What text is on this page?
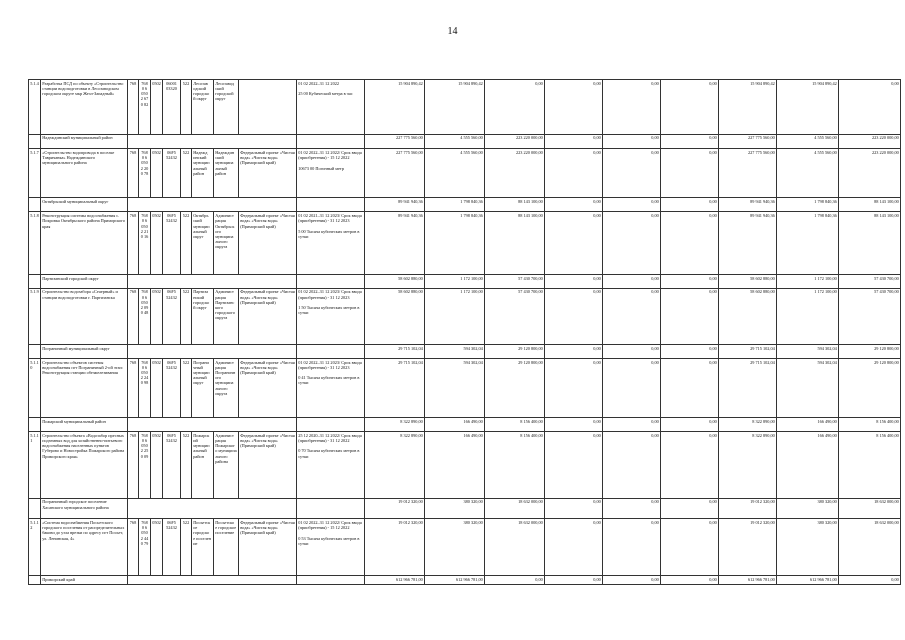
14
5.1.4	Разработка ПСД по объекту «Строительство станции водоподготовки в Лесозаводском городском округе мкр Жеэл-Западный»	768	768 0 6 050 2 67 0 82	0502	06001 03320	522	Лесозав одский городско й округ	Лесозавод ский городской округ		01 02 2022–31 12 2022

25 00 Кубический метра в час	15 904 890,42	15 904 890,42	0,00	0,00	0,00	0,00	15 904 890,42	15 904 890,42	0,00
	Надеждинский муниципальный район										227 775 560,00	4 555 560,00	223 220 000,00	0,00	0,00	0,00	227 775 560,00	4 555 560,00	223 220 000,00
5.1.7	«Строительство водопровода в поселке Тавричанка» Надеждинского муниципального района	768	768 0 6 050 2 20 0 78	0502	06F5 52432	522	Надежд инский муницип альный район	Надеждин ский муниципа льный район	Федеральный проект «Чистая вода» «Чистая вода» (Приморский край)	01 02 2022–31 12 2022/ Срок ввода (приобретения) - 15 12 2022

10673 00 Погонный метр	227 775 560,00	4 555 560,00	223 220 000,00	0,00	0,00	0,00	227 775 560,00	4 555 560,00	223 220 000,00
	Октябрьский муниципальный округ										89 941 940,36	1 798 840,36	88 143 100,00	0,00	0,00	0,00	89 941 940,36	1 798 840,36	88 143 100,00
5.1.8	Реконструкция системы водоснабжения с. Покровка Октябрьского района Приморского края	768	768 0 6 050 2 21 0 16	0502	06F5 52432	522	Октябрь ский муницип альный округ	Админист рация Октябрьск ого муниципа льного округа	Федеральный проект «Чистая вода» «Чистая вода» (Приморский край)	01 02 2021–31 12 2023/ Срок ввода (приобретения) - 31 12 2023

5 00 Тысяча кубических метров в сутки	89 941 940,36	1 798 840,36	88 143 100,00	0,00	0,00	0,00	89 941 940,36	1 798 840,36	88 143 100,00
	Партизанский городской округ										58 602 880,00	1 172 100,00	57 430 700,00	0,00	0,00	0,00	58 602 880,00	1 172 100,00	57 430 700,00
5.1.9	Строительство водозабора «Сеаерный» и станции водоподготовки г. Партизанска	768	768 0 6 050 2 09 0 48	0502	06F5 52432	522	Партиза нский городско й округ	Админист рация Партизанс кого городского округа	Федеральный проект «Чистая вода» «Чистая вода» (Приморский край)	01 02 2022–31 12 2023/ Срок ввода (приобретения) - 31 12 2023

1 50 Тысяча кубических метров в сутки	58 602 880,00	1 172 100,00	57 430 700,00	0,00	0,00	0,00	58 602 880,00	1 172 100,00	57 430 700,00
	Пограничный муниципальный округ										29 715 102,04	594 302,04	29 120 800,00	0,00	0,00	0,00	29 715 102,04	594 302,04	29 120 800,00
5.1.10	Строительство объектов системы водоснабжения пгт Пограничный 2-ой этап: Реконструкция станции обезжелезивания	768	768 0 6 050 2 24 0 98	0502	06F5 52432	522	Пограни чный муницип альный округ	Админист рация Пограничн ого муниципа льного округа	Федеральный проект «Чистая вода» «Чистая вода» (Приморский край)	01 02 2022–31 12 2023/ Срок ввода (приобретения) - 31 12 2023

0 41 Тысяча кубических метров в сутки	29 715 102,04	594 302,04	29 120 800,00	0,00	0,00	0,00	29 715 102,04	594 302,04	29 120 800,00
	Пожарский муниципальный район										8 322 890,00	166 490,00	8 156 400,00	0,00	0,00	0,00	8 322 890,00	166 490,00	8 156 400,00
5.1.11	Строительство объекта «Водозабор пресных подземных вод для хозяйственно-питьевого водоснабжения населенных пунктов Губерово и Новостройка Пожарского района Приморского края»	768	768 0 6 050 2 25 0 09	0502	06F5 52432	522	Пожарск ий муницип альный район	Админист рация Пожарског о муниципа льного района	Федеральный проект «Чистая вода» «Чистая вода» (Приморский край)	25 12 2020–31 12 2022/ Срок ввода (приобретения) - 31 12 2022

0 70 Тысяча кубических метров в сутки	8 322 890,00	166 490,00	8 156 400,00	0,00	0,00	0,00	8 322 890,00	166 490,00	8 156 400,00
	Пограничный городское поселение Хасанского муниципального района										19 012 320,00	380 320,00	18 632 000,00	0,00	0,00	0,00	19 012 320,00	380 320,00	18 632 000,00
5.1.12	«Система водоснабжения Посьетского городского поселения от распределительных бакови до узла врезки по адресу пгт Посьет, ул. Ленинская, 4»	768	768 0 6 050 2 44 0 79	0502	06F5 52432	522	Посьетск ое городско е поселен ие	Посьетско е городское поселение	Федеральный проект «Чистая вода» «Чистая вода» (Приморский край)	01 02 2022–31 12 2022/ Срок ввода (приобретения) - 15 12 2022

0 53 Тысяча кубических метров в сутки	19 012 320,00	380 320,00	18 632 000,00	0,00	0,00	0,00	19 012 320,00	380 320,00	18 632 000,00
	Приморский край										612 966 781,00	612 966 781,00	0,00	0,00	0,00	0,00	612 966 781,00	612 966 781,00	0,00
